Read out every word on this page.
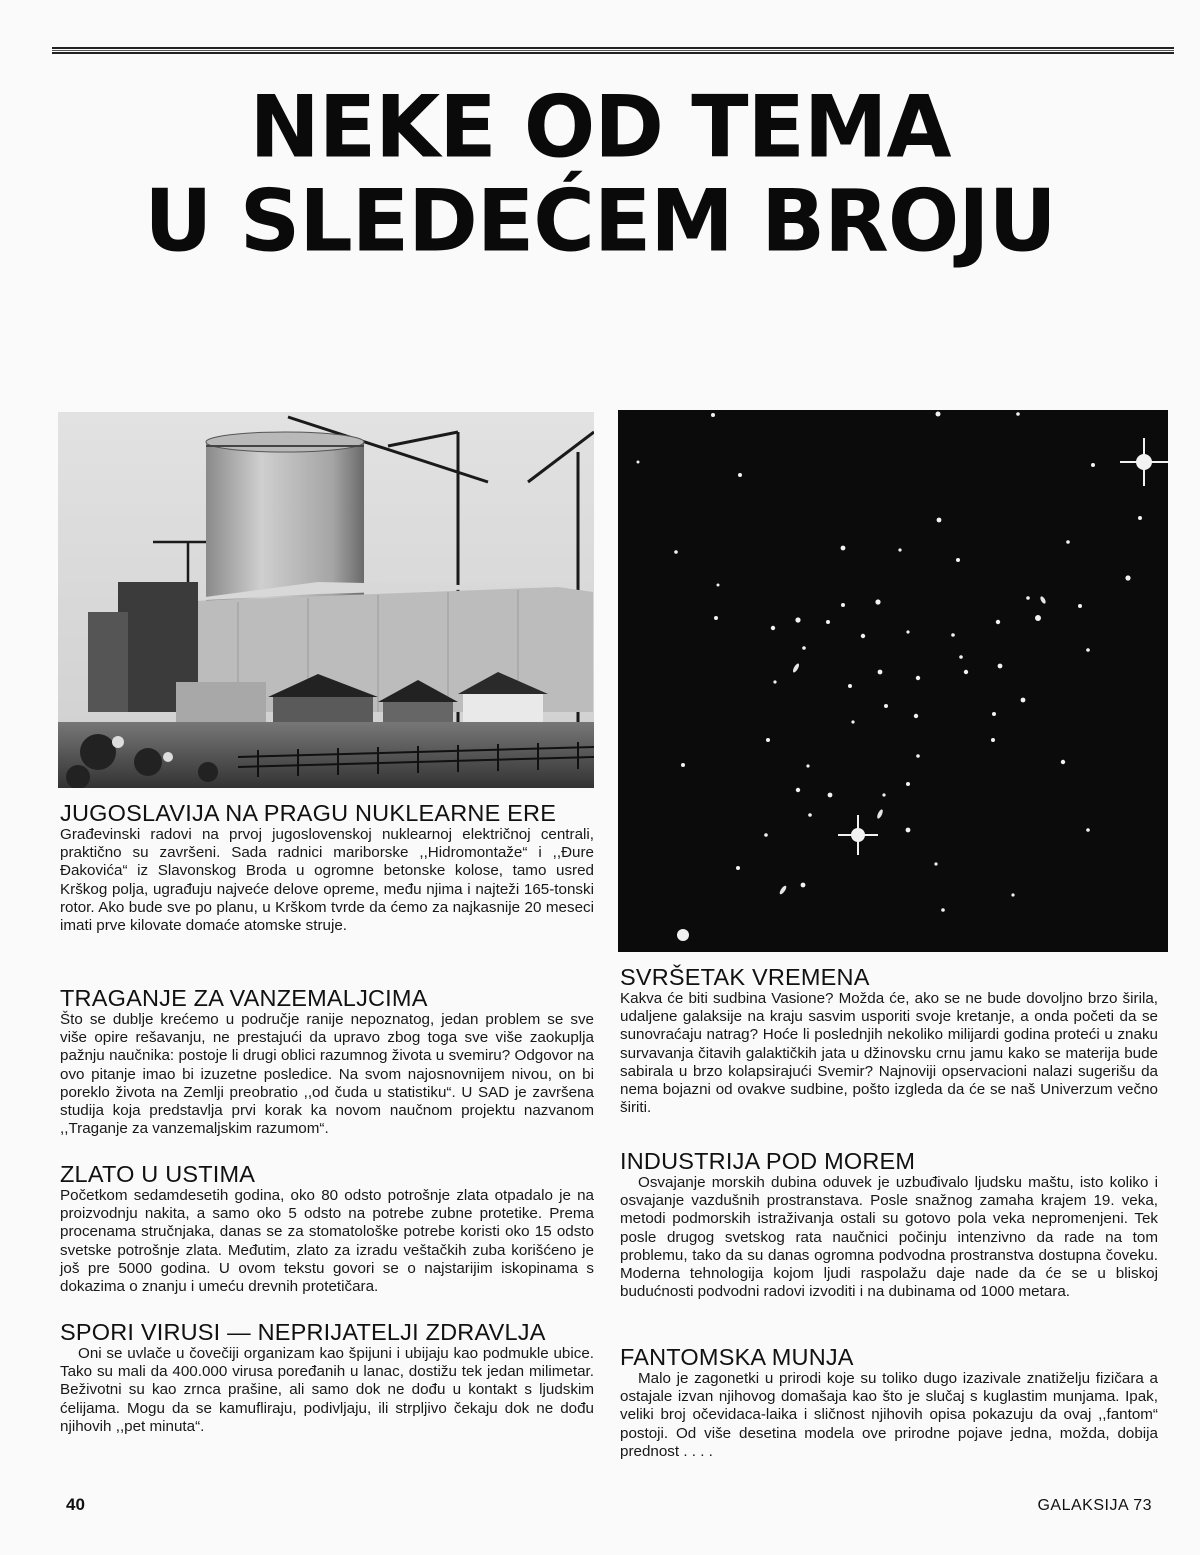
NEKE OD TEMA
U SLEDEĆEM BROJU
JUGOSLAVIJA NA PRAGU NUKLEARNE ERE

Građevinski radovi na prvoj jugoslovenskoj nuklearnoj električnoj centrali, praktično su završeni. Sada radnici mariborske ,,Hidromontaže“ i ,,Đure Đakovića“ iz Slavonskog Broda u ogromne betonske kolose, tamo usred Krškog polja, ugrađuju najveće delove opreme, među njima i najteži 165-tonski rotor. Ako bude sve po planu, u Krškom tvrde da ćemo za najkasnije 20 meseci imati prve kilovate domaće atomske struje.

TRAGANJE ZA VANZEMALJCIMA

Što se dublje krećemo u područje ranije nepoznatog, jedan problem se sve više opire rešavanju, ne prestajući da upravo zbog toga sve više zaokuplja pažnju naučnika: postoje li drugi oblici razumnog života u svemiru? Odgovor na ovo pitanje imao bi izuzetne posledice. Na svom najosnovnijem nivou, on bi poreklo života na Zemlji preobratio ,,od čuda u statistiku“. U SAD je završena studija koja predstavlja prvi korak ka novom naučnom projektu nazvanom ,,Traganje za vanzemaljskim razumom“.

ZLATO U USTIMA

Početkom sedamdesetih godina, oko 80 odsto potrošnje zlata otpadalo je na proizvodnju nakita, a samo oko 5 odsto na potrebe zubne protetike. Prema procenama stručnjaka, danas se za stomatološke potrebe koristi oko 15 odsto svetske potrošnje zlata. Međutim, zlato za izradu veštačkih zuba korišćeno je još pre 5000 godina. U ovom tekstu govori se o najstarijim iskopinama s dokazima o znanju i umeću drevnih protetičara.

SPORI VIRUSI — NEPRIJATELJI ZDRAVLJA

Oni se uvlače u čovečiji organizam kao špijuni i ubijaju kao podmukle ubice. Tako su mali da 400.000 virusa poređanih u lanac, dostižu tek jedan milimetar. Beživotni su kao zrnca prašine, ali samo dok ne dođu u kontakt s ljudskim ćelijama. Mogu da se kamufliraju, podivljaju, ili strpljivo čekaju dok ne dođu njihovih ,,pet minuta“.

SVRŠETAK VREMENA

Kakva će biti sudbina Vasione? Možda će, ako se ne bude dovoljno brzo širila, udaljene galaksije na kraju sasvim usporiti svoje kretanje, a onda početi da se sunovraćaju natrag? Hoće li poslednjih nekoliko milijardi godina proteći u znaku survavanja čitavih galaktičkih jata u džinovsku crnu jamu kako se materija bude sabirala u brzo kolapsirajući Svemir? Najnoviji opservacioni nalazi sugerišu da nema bojazni od ovakve sudbine, pošto izgleda da će se naš Univerzum večno širiti.

INDUSTRIJA POD MOREM

Osvajanje morskih dubina oduvek je uzbuđivalo ljudsku maštu, isto koliko i osvajanje vazdušnih prostranstava. Posle snažnog zamaha krajem 19. veka, metodi podmorskih istraživanja ostali su gotovo pola veka nepromenjeni. Tek posle drugog svetskog rata naučnici počinju intenzivno da rade na tom problemu, tako da su danas ogromna podvodna prostranstva dostupna čoveku. Moderna tehnologija kojom ljudi raspolažu daje nade da će se u bliskoj budućnosti podvodni radovi izvoditi i na dubinama od 1000 metara.

FANTOMSKA MUNJA

Malo je zagonetki u prirodi koje su toliko dugo izazivale znatiželju fizičara a ostajale izvan njihovog domašaja kao što je slučaj s kuglastim munjama. Ipak, veliki broj očevidaca-laika i sličnost njihovih opisa pokazuju da ovaj ,,fantom“ postoji. Od više desetina modela ove prirodne pojave jedna, možda, dobija prednost . . . .

40	GALAKSIJA 73
